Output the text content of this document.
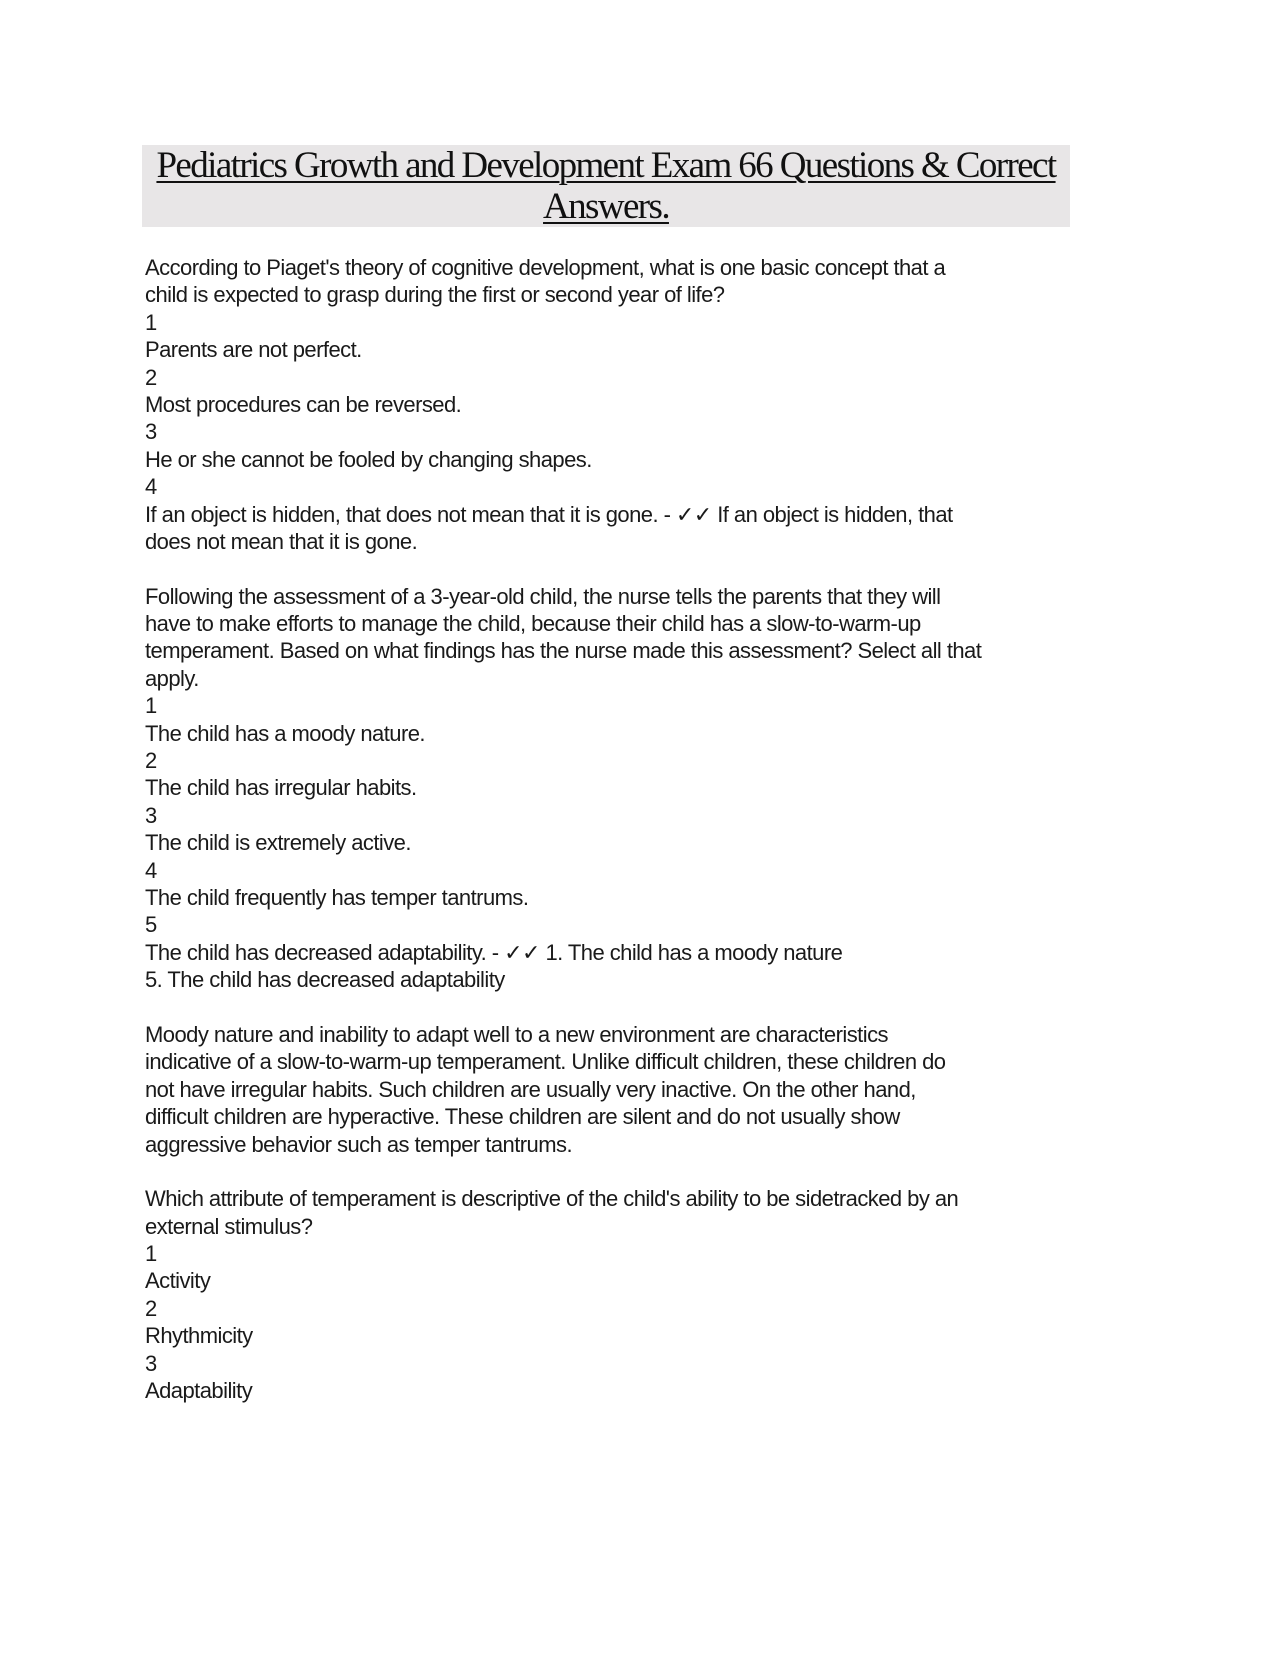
Pediatrics Growth and Development Exam 66 Questions & Correct
Answers.
According to Piaget's theory of cognitive development, what is one basic concept that a
child is expected to grasp during the first or second year of life?
1
Parents are not perfect.
2
Most procedures can be reversed.
3
He or she cannot be fooled by changing shapes.
4
If an object is hidden, that does not mean that it is gone. - ✓✓ If an object is hidden, that
does not mean that it is gone.
Following the assessment of a 3-year-old child, the nurse tells the parents that they will
have to make efforts to manage the child, because their child has a slow-to-warm-up
temperament. Based on what findings has the nurse made this assessment? Select all that
apply.
1
The child has a moody nature.
2
The child has irregular habits.
3
The child is extremely active.
4
The child frequently has temper tantrums.
5
The child has decreased adaptability. - ✓✓ 1. The child has a moody nature
5. The child has decreased adaptability
Moody nature and inability to adapt well to a new environment are characteristics
indicative of a slow-to-warm-up temperament. Unlike difficult children, these children do
not have irregular habits. Such children are usually very inactive. On the other hand,
difficult children are hyperactive. These children are silent and do not usually show
aggressive behavior such as temper tantrums.
Which attribute of temperament is descriptive of the child's ability to be sidetracked by an
external stimulus?
1
Activity
2
Rhythmicity
3
Adaptability
